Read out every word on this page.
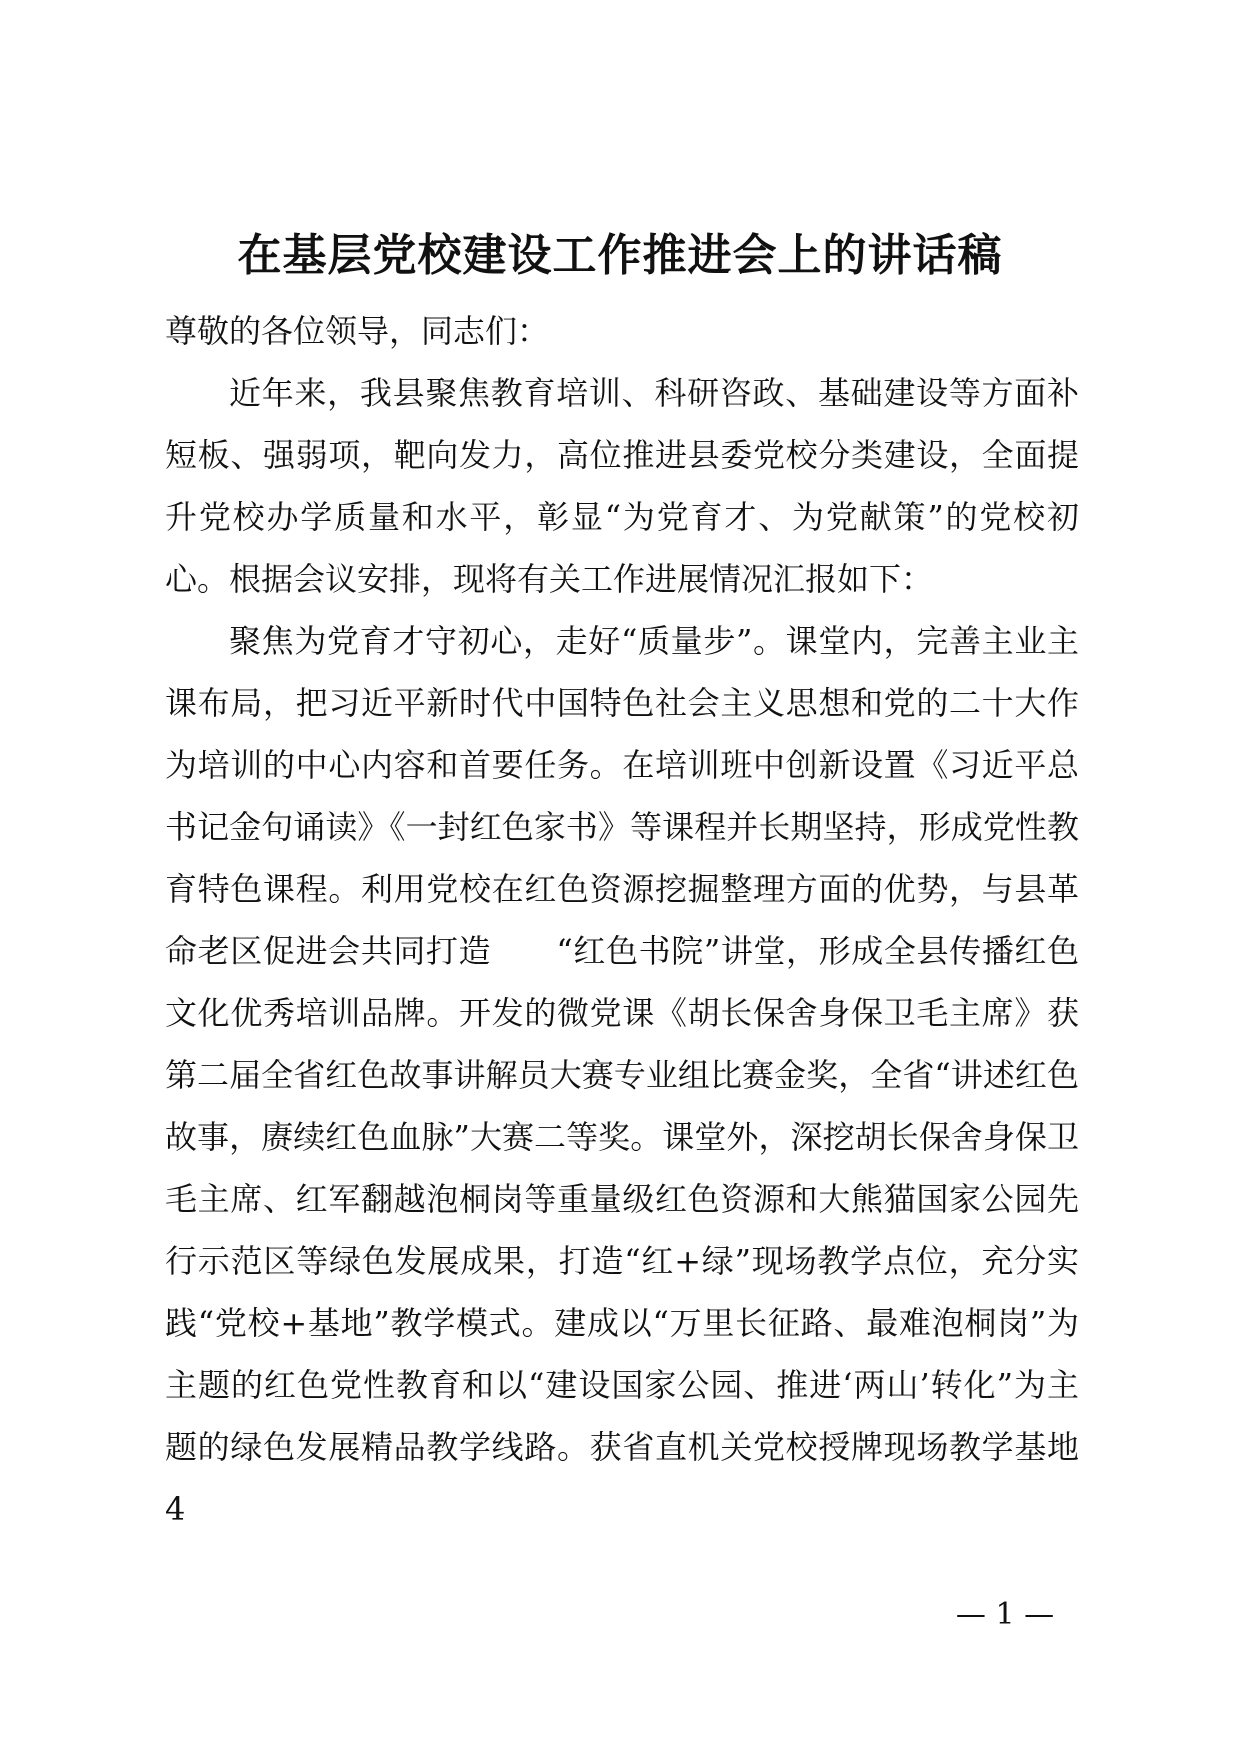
在基层党校建设工作推进会上的讲话稿

尊敬的各位领导，同志们：

近年来，我县聚焦教育培训、科研咨政、基础建设等方面补短板、强弱项，靶向发力，高位推进县委党校分类建设，全面提升党校办学质量和水平，彰显“为党育才、为党献策”的党校初心。根据会议安排，现将有关工作进展情况汇报如下：

聚焦为党育才守初心，走好“质量步”。课堂内，完善主业主课布局，把习近平新时代中国特色社会主义思想和党的二十大作为培训的中心内容和首要任务。在培训班中创新设置《习近平总书记金句诵读》《一封红色家书》等课程并长期坚持，形成党性教育特色课程。利用党校在红色资源挖掘整理方面的优势，与县革命老区促进会共同打造　　“红色书院”讲堂，形成全县传播红色文化优秀培训品牌。开发的微党课《胡长保舍身保卫毛主席》获第二届全省红色故事讲解员大赛专业组比赛金奖，全省“讲述红色故事，赓续红色血脉”大赛二等奖。课堂外，深挖胡长保舍身保卫毛主席、红军翻越泡桐岗等重量级红色资源和大熊猫国家公园先行示范区等绿色发展成果，打造“红+绿”现场教学点位，充分实践“党校+基地”教学模式。建成以“万里长征路、最难泡桐岗”为主题的红色党性教育和以“建设国家公园、推进‘两山’转化”为主题的绿色发展精品教学线路。获省直机关党校授牌现场教学基地 4

— 1 —
